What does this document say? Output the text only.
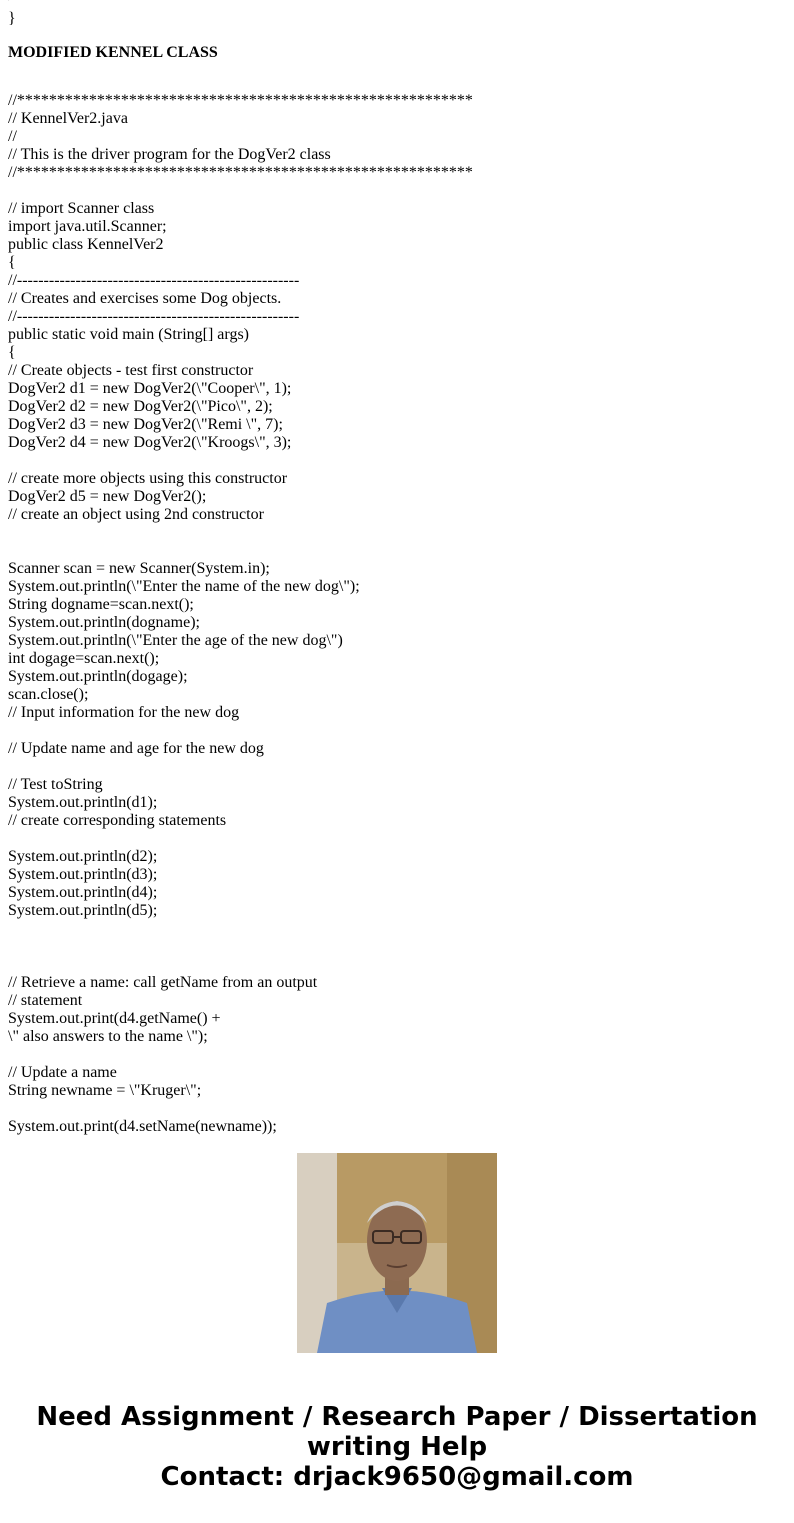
}
MODIFIED KENNEL CLASS
//*********************************************************
// KennelVer2.java
//
// This is the driver program for the DogVer2 class
//*********************************************************
// import Scanner class
import java.util.Scanner;
public class KennelVer2
{
//-----------------------------------------------------
// Creates and exercises some Dog objects.
//-----------------------------------------------------
public static void main (String[] args)
{
// Create objects - test first constructor
DogVer2 d1 = new DogVer2(\"Cooper\", 1);
DogVer2 d2 = new DogVer2(\"Pico\", 2);
DogVer2 d3 = new DogVer2(\"Remi \", 7);
DogVer2 d4 = new DogVer2(\"Kroogs\", 3);
// create more objects using this constructor
DogVer2 d5 = new DogVer2();
// create an object using 2nd constructor
Scanner scan = new Scanner(System.in);
System.out.println(\"Enter the name of the new dog\");
String dogname=scan.next();
System.out.println(dogname);
System.out.println(\"Enter the age of the new dog\")
int dogage=scan.next();
System.out.println(dogage);
scan.close();
// Input information for the new dog
// Update name and age for the new dog
// Test toString
System.out.println(d1);
// create corresponding statements
System.out.println(d2);
System.out.println(d3);
System.out.println(d4);
System.out.println(d5);
// Retrieve a name: call getName from an output
// statement
System.out.print(d4.getName() +
\" also answers to the name \");
// Update a name
String newname = \"Kruger\";
System.out.print(d4.setName(newname));
Need Assignment / Research Paper / Dissertation
writing Help
Contact: drjack9650@gmail.com
